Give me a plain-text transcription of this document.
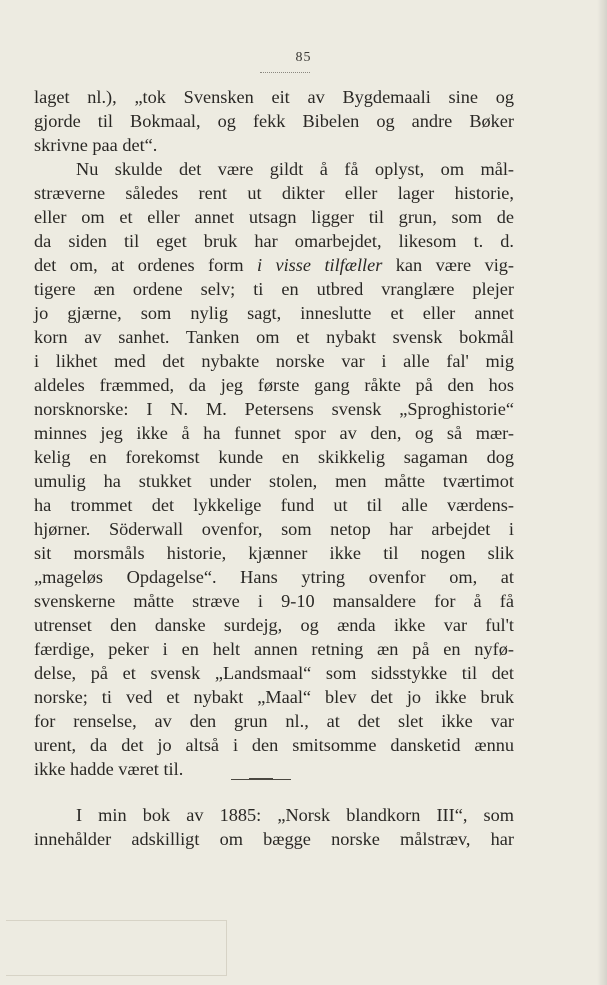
85
laget nl.), „tok Svensken eit av Bygdemaali sine og
gjorde til Bokmaal, og fekk Bibelen og andre Bøker
skrivne paa det“.
Nu skulde det være gildt å få oplyst, om mål-
stræverne således rent ut dikter eller lager historie,
eller om et eller annet utsagn ligger til grun, som de
da siden til eget bruk har omarbejdet, likesom t. d.
det om, at ordenes form i visse tilfæller kan være vig-
tigere æn ordene selv; ti en utbred vranglære plejer
jo gjærne, som nylig sagt, inneslutte et eller annet
korn av sanhet. Tanken om et nybakt svensk bokmål
i likhet med det nybakte norske var i alle fal' mig
aldeles fræmmed, da jeg første gang råkte på den hos
norsknorske: I N. M. Petersens svensk „Sproghistorie“
minnes jeg ikke å ha funnet spor av den, og så mær-
kelig en forekomst kunde en skikkelig sagaman dog
umulig ha stukket under stolen, men måtte tværtimot
ha trommet det lykkelige fund ut til alle værdens-
hjørner. Söderwall ovenfor, som netop har arbejdet i
sit morsmåls historie, kjænner ikke til nogen slik
„mageløs Opdagelse“. Hans ytring ovenfor om, at
svenskerne måtte stræve i 9-10 mansaldere for å få
utrenset den danske surdejg, og ænda ikke var ful't
færdige, peker i en helt annen retning æn på en nyfø-
delse, på et svensk „Landsmaal“ som sidsstykke til det
norske; ti ved et nybakt „Maal“ blev det jo ikke bruk
for renselse, av den grun nl., at det slet ikke var
urent, da det jo altså i den smitsomme dansketid ænnu
ikke hadde været til.
I min bok av 1885: „Norsk blandkorn III“, som
innehålder adskilligt om bægge norske målstræv, har
